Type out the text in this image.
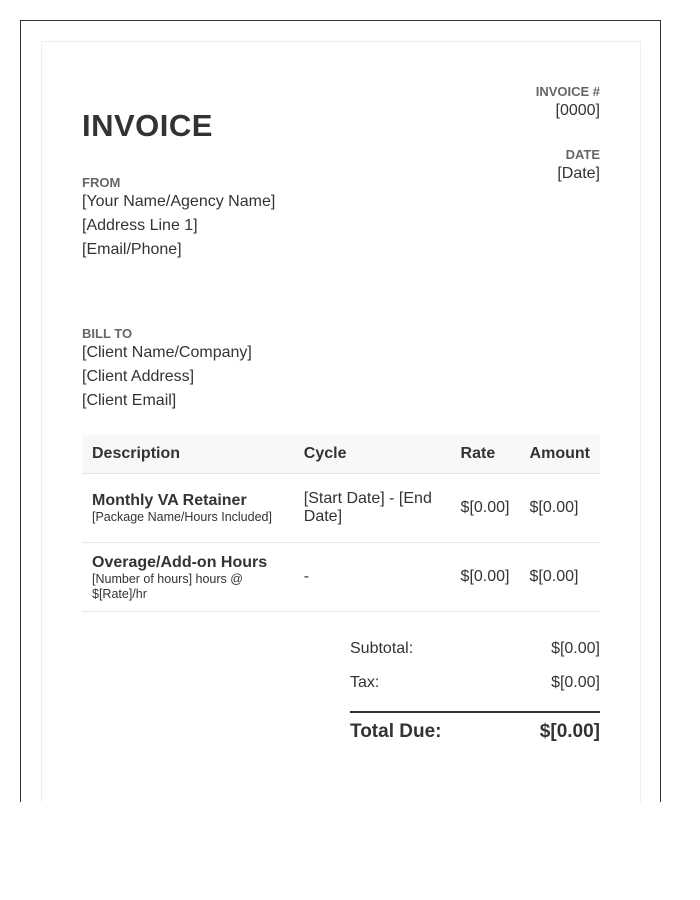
INVOICE
INVOICE #
[0000]
DATE
[Date]
FROM
[Your Name/Agency Name]
[Address Line 1]
[Email/Phone]
BILL TO
[Client Name/Company]
[Client Address]
[Client Email]
Description	Cycle	Rate	Amount

Monthly VA Retainer
[Package Name/Hours Included]	[Start Date] - [End Date]	$[0.00]	$[0.00]

Overage/Add-on Hours
[Number of hours] hours @ $[Rate]/hr	-	$[0.00]	$[0.00]
Subtotal:	$[0.00]
Tax:	$[0.00]
Total Due:	$[0.00]
